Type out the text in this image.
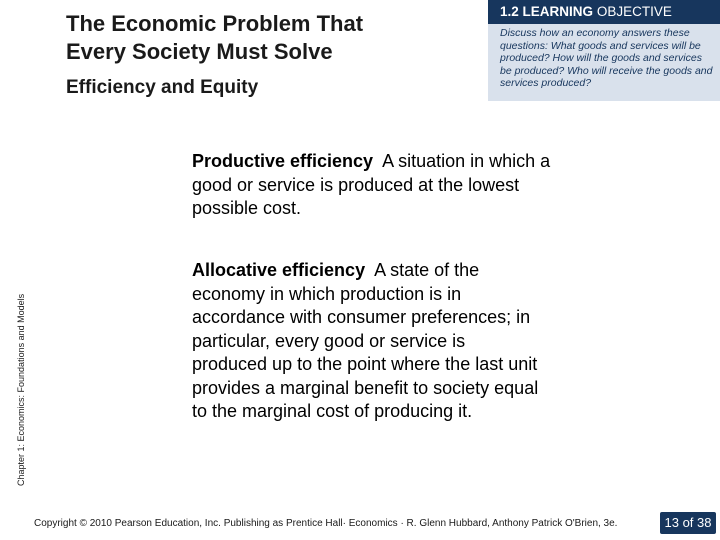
The Economic Problem That
Every Society Must Solve
Efficiency and Equity
1.2 LEARNING OBJECTIVE
Discuss how an economy answers these questions: What goods and services will be produced? How will the goods and services be produced? Who will receive the goods and services produced?
Chapter 1: Economics: Foundations and Models

Productive efficiency A situation in which a good or service is produced at the lowest possible cost.

Allocative efficiency A state of the economy in which production is in accordance with consumer preferences; in particular, every good or service is produced up to the point where the last unit provides a marginal benefit to society equal to the marginal cost of producing it.

Copyright © 2010 Pearson Education, Inc. Publishing as Prentice Hall· Economics · R. Glenn Hubbard, Anthony Patrick O'Brien, 3e.	13 of 38
